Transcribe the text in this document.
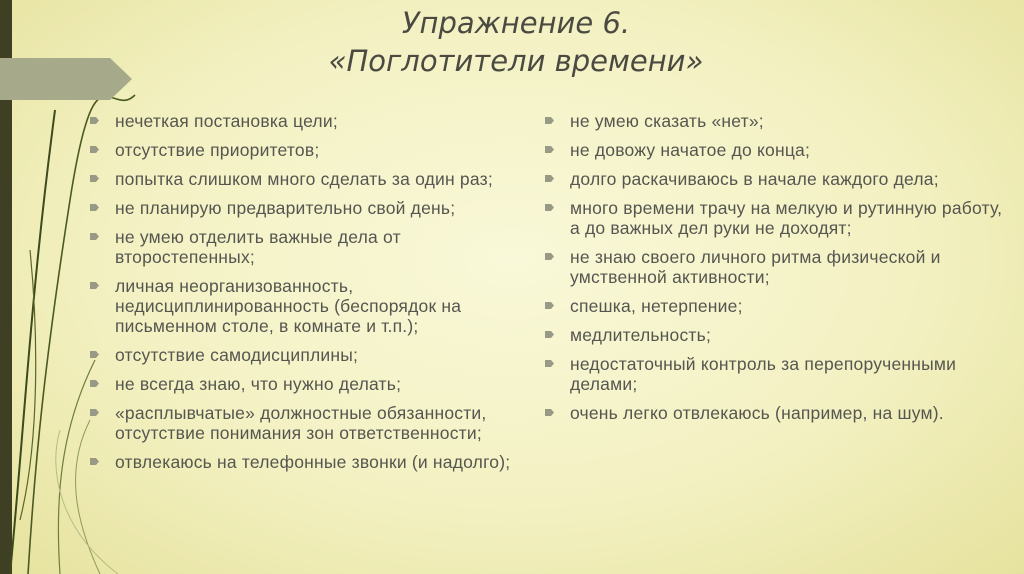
Упражнение 6.
«Поглотители времени»
нечеткая постановка цели;
отсутствие приоритетов;
попытка слишком много сделать за один раз;
не планирую предварительно свой день;
не умею отделить важные дела от второстепенных;
личная неорганизованность, недисциплинированность (беспорядок на письменном столе, в комнате и т.п.);
отсутствие самодисциплины;
не всегда знаю, что нужно делать;
«расплывчатые» должностные обязанности, отсутствие понимания зон ответственности;
отвлекаюсь на телефонные звонки (и надолго);
не умею сказать «нет»;
не довожу начатое до конца;
долго раскачиваюсь в начале каждого дела;
много времени трачу на мелкую и рутинную работу, а до важных дел руки не доходят;
не знаю своего личного ритма физической и умственной активности;
спешка, нетерпение;
медлительность;
недостаточный контроль за перепорученными делами;
очень легко отвлекаюсь (например, на шум).
